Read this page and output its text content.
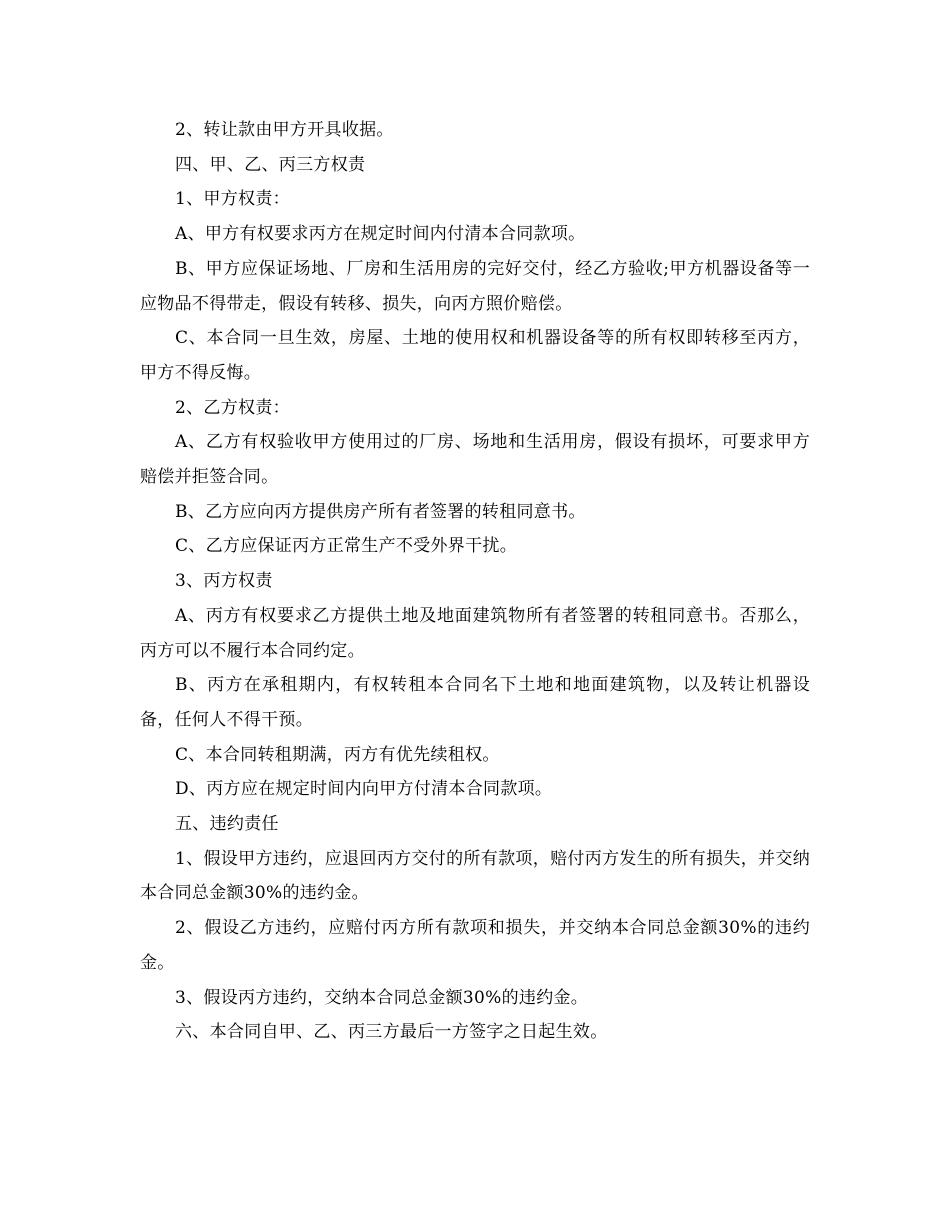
2、转让款由甲方开具收据。

四、甲、乙、丙三方权责

1、甲方权责：

A、甲方有权要求丙方在规定时间内付清本合同款项。

B、甲方应保证场地、厂房和生活用房的完好交付，经乙方验收;甲方机器设备等一应物品不得带走，假设有转移、损失，向丙方照价赔偿。

C、本合同一旦生效，房屋、土地的使用权和机器设备等的所有权即转移至丙方，甲方不得反悔。

2、乙方权责：

A、乙方有权验收甲方使用过的厂房、场地和生活用房，假设有损坏，可要求甲方赔偿并拒签合同。

B、乙方应向丙方提供房产所有者签署的转租同意书。

C、乙方应保证丙方正常生产不受外界干扰。

3、丙方权责

A、丙方有权要求乙方提供土地及地面建筑物所有者签署的转租同意书。否那么，丙方可以不履行本合同约定。

B、丙方在承租期内，有权转租本合同名下土地和地面建筑物，以及转让机器设备，任何人不得干预。

C、本合同转租期满，丙方有优先续租权。

D、丙方应在规定时间内向甲方付清本合同款项。

五、违约责任

1、假设甲方违约，应退回丙方交付的所有款项，赔付丙方发生的所有损失，并交纳本合同总金额30%的违约金。

2、假设乙方违约，应赔付丙方所有款项和损失，并交纳本合同总金额30%的违约金。

3、假设丙方违约，交纳本合同总金额30%的违约金。

六、本合同自甲、乙、丙三方最后一方签字之日起生效。
